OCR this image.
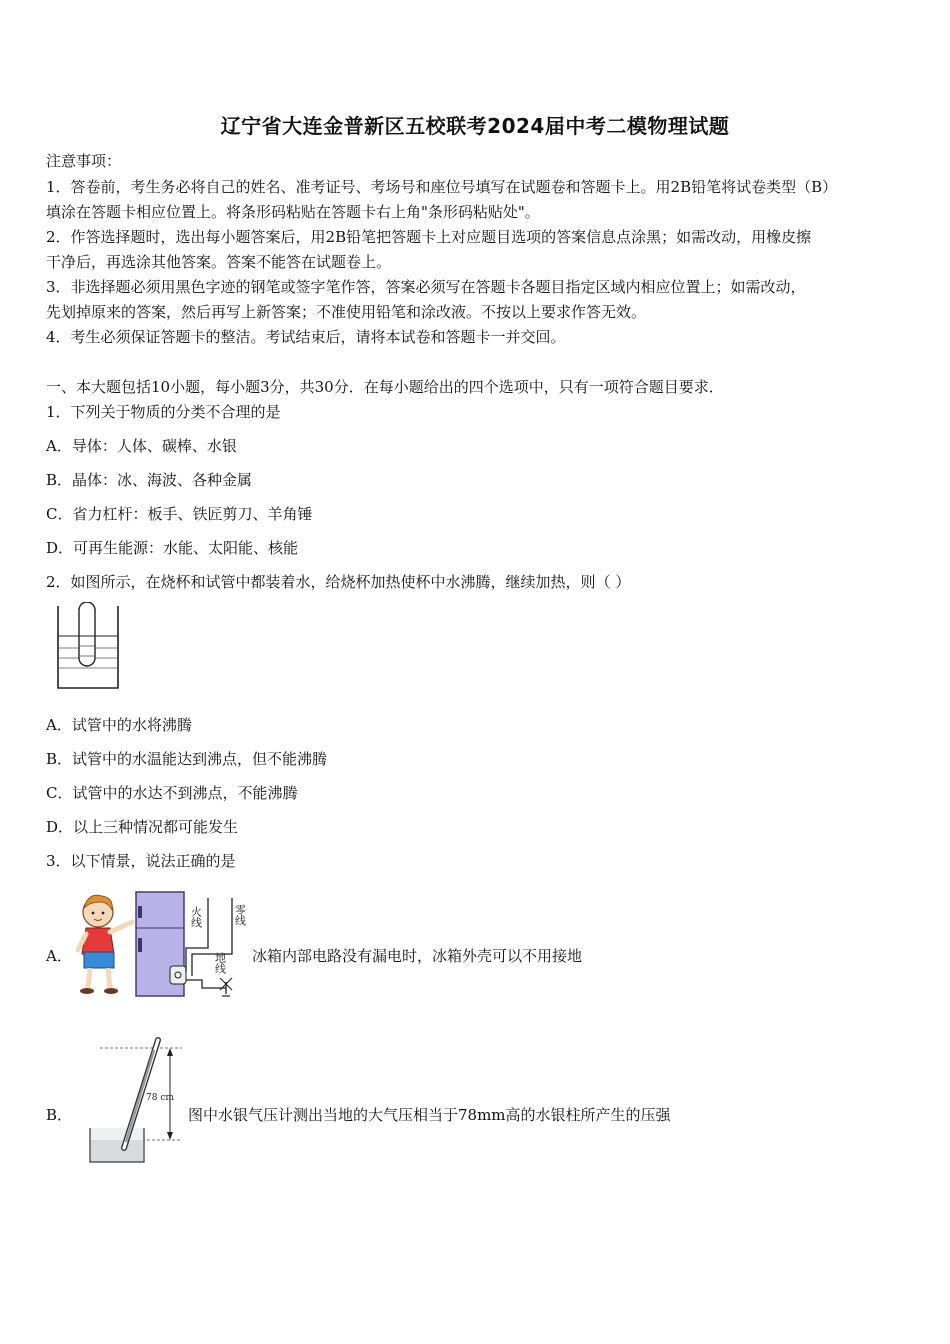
辽宁省大连金普新区五校联考2024届中考二模物理试题
注意事项：
1．答卷前，考生务必将自己的姓名、准考证号、考场号和座位号填写在试题卷和答题卡上。用2B铅笔将试卷类型（B）
填涂在答题卡相应位置上。将条形码粘贴在答题卡右上角"条形码粘贴处"。
2．作答选择题时，选出每小题答案后，用2B铅笔把答题卡上对应题目选项的答案信息点涂黑；如需改动，用橡皮擦
干净后，再选涂其他答案。答案不能答在试题卷上。
3．非选择题必须用黑色字迹的钢笔或签字笔作答，答案必须写在答题卡各题目指定区域内相应位置上；如需改动，
先划掉原来的答案，然后再写上新答案；不准使用铅笔和涂改液。不按以上要求作答无效。
4．考生必须保证答题卡的整洁。考试结束后，请将本试卷和答题卡一并交回。
一、本大题包括10小题，每小题3分，共30分．在每小题给出的四个选项中，只有一项符合题目要求．
1．下列关于物质的分类不合理的是
A．导体：人体、碳棒、水银
B．晶体：冰、海波、各种金属
C．省力杠杆：板手、铁匠剪刀、羊角锤
D．可再生能源：水能、太阳能、核能
2．如图所示，在烧杯和试管中都装着水，给烧杯加热使杯中水沸腾，继续加热，则（ ）
A．试管中的水将沸腾
B．试管中的水温能达到沸点，但不能沸腾
C．试管中的水达不到沸点，不能沸腾
D．以上三种情况都可能发生
3．以下情景，说法正确的是
A．
火线	零线
地线 冰箱内部电路没有漏电时，冰箱外壳可以不用接地
B．
78 cm
图中水银气压计测出当地的大气压相当于78mm高的水银柱所产生的压强
